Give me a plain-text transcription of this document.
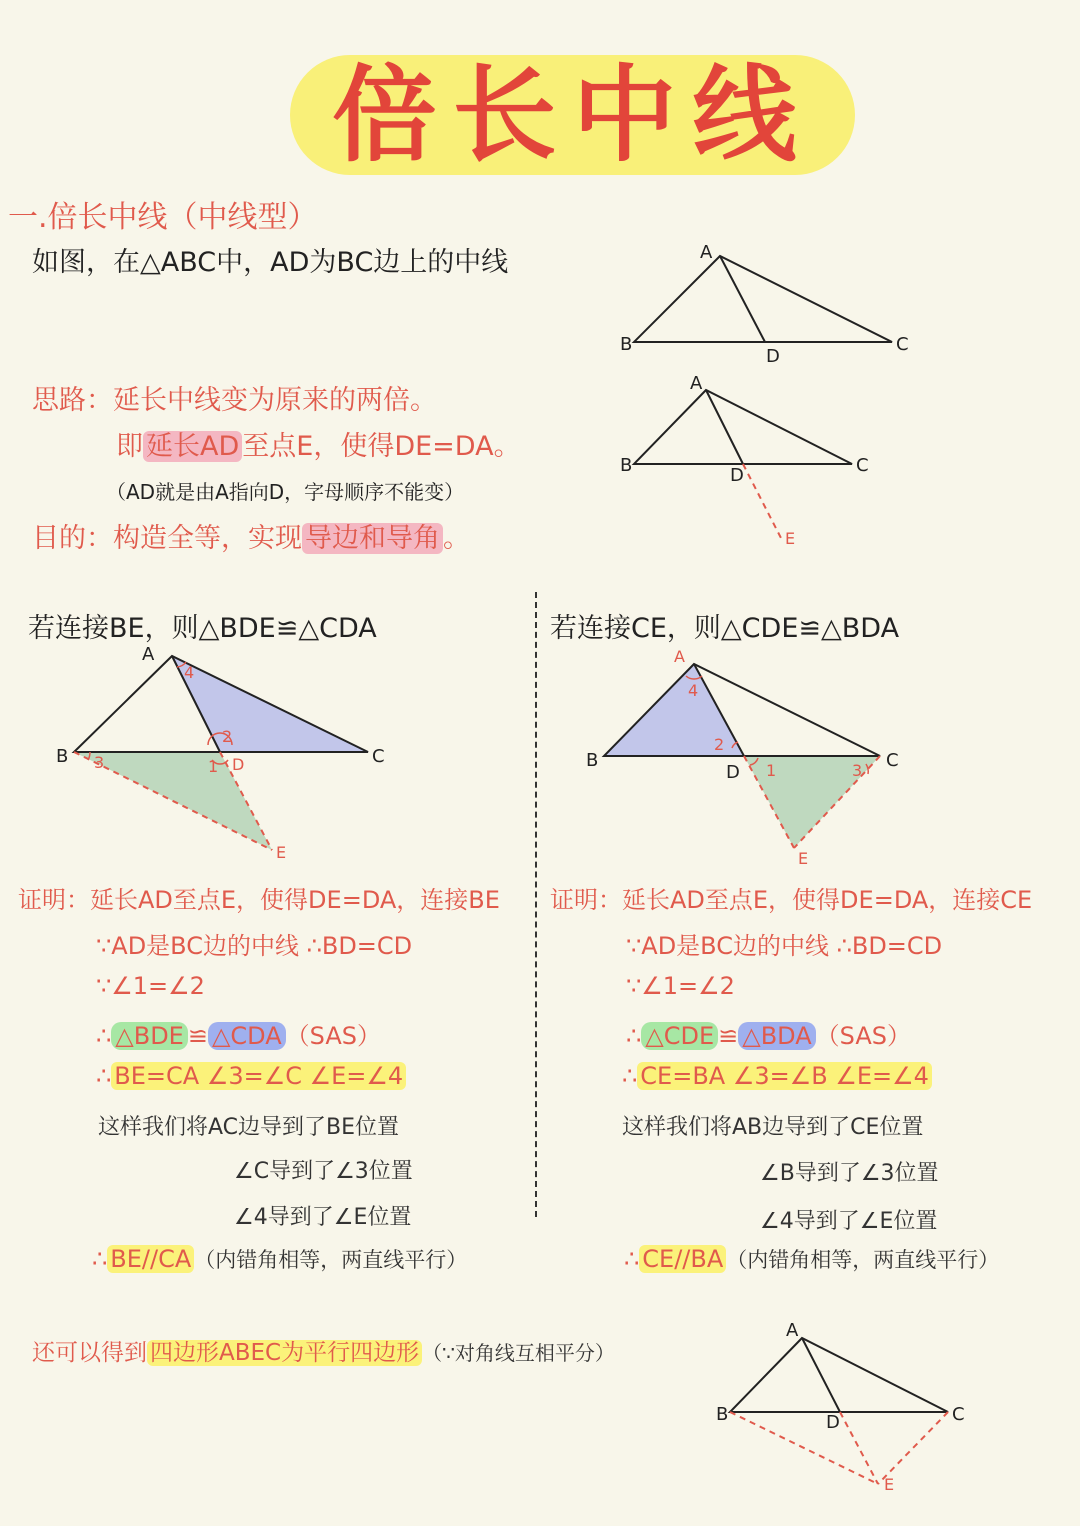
倍长中线
一.倍长中线（中线型）
如图，在△ABC中，AD为BC边上的中线
思路：延长中线变为原来的两倍。
即 延长AD 至点E，使得DE=DA。
（AD就是由A指向D，字母顺序不能变）
目的：构造全等，实现 导边和导角 。
若连接BE，则△BDE≌△CDA
证明：延长AD至点E，使得DE=DA，连接BE
∵AD是BC边的中线 ∴BD=CD
∵∠1=∠2
∴ △BDE ≌ △CDA （SAS）
∴ BE=CA ∠3=∠C ∠E=∠4
这样我们将AC边导到了BE位置
∠C导到了∠3位置
∠4导到了∠E位置
∴ BE//CA （内错角相等，两直线平行）
若连接CE，则△CDE≌△BDA
证明：延长AD至点E，使得DE=DA，连接CE
∵AD是BC边的中线 ∴BD=CD
∵∠1=∠2
∴ △CDE ≌ △BDA （SAS）
∴ CE=BA ∠3=∠B ∠E=∠4
这样我们将AB边导到了CE位置
∠B导到了∠3位置
∠4导到了∠E位置
∴ CE//BA （内错角相等，两直线平行）
还可以得到 四边形ABEC为平行四边形 （∵对角线互相平分）
A
B
D
C
A
B	D	C
E
A
B	C
D
E
2
1
3
4
A
B	C
D
E
4
2
1	3
A
B	D	C
E
